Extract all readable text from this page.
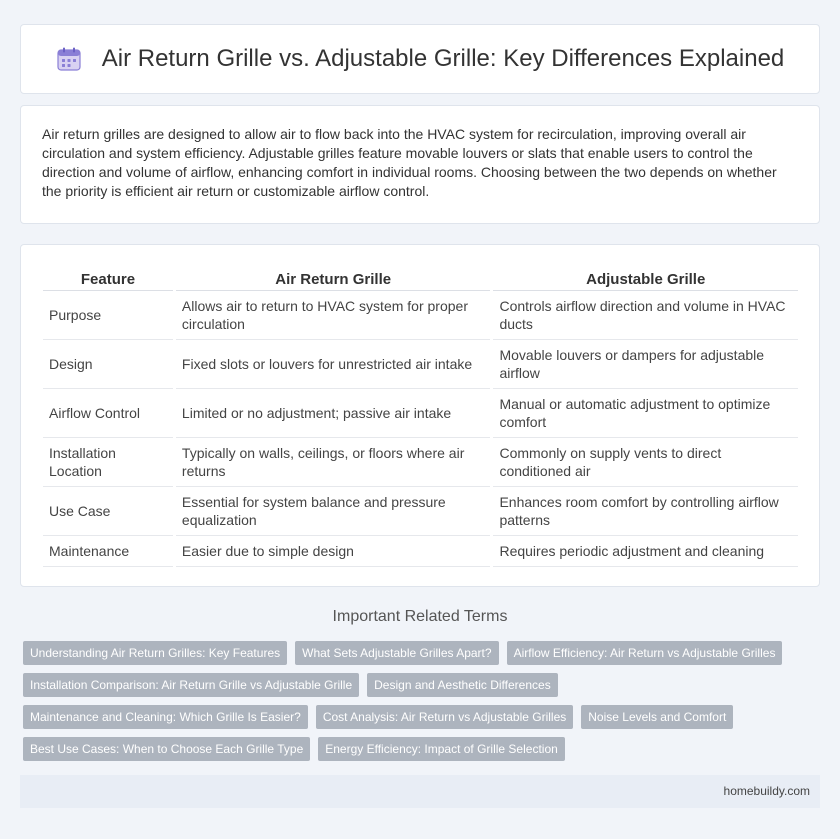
Air Return Grille vs. Adjustable Grille: Key Differences Explained

Air return grilles are designed to allow air to flow back into the HVAC system for recirculation, improving overall air circulation and system efficiency. Adjustable grilles feature movable louvers or slats that enable users to control the direction and volume of airflow, enhancing comfort in individual rooms. Choosing between the two depends on whether the priority is efficient air return or customizable airflow control.

Feature	Air Return Grille	Adjustable Grille
Purpose	Allows air to return to HVAC system for proper circulation	Controls airflow direction and volume in HVAC ducts
Design	Fixed slots or louvers for unrestricted air intake	Movable louvers or dampers for adjustable airflow
Airflow Control	Limited or no adjustment; passive air intake	Manual or automatic adjustment to optimize comfort
Installation Location	Typically on walls, ceilings, or floors where air returns	Commonly on supply vents to direct conditioned air
Use Case	Essential for system balance and pressure equalization	Enhances room comfort by controlling airflow patterns
Maintenance	Easier due to simple design	Requires periodic adjustment and cleaning
Important Related Terms
Understanding Air Return Grilles: Key Features	What Sets Adjustable Grilles Apart?	Airflow Efficiency: Air Return vs Adjustable Grilles
Installation Comparison: Air Return Grille vs Adjustable Grille	Design and Aesthetic Differences
Maintenance and Cleaning: Which Grille Is Easier?	Cost Analysis: Air Return vs Adjustable Grilles	Noise Levels and Comfort
Best Use Cases: When to Choose Each Grille Type	Energy Efficiency: Impact of Grille Selection
homebuildy.com
